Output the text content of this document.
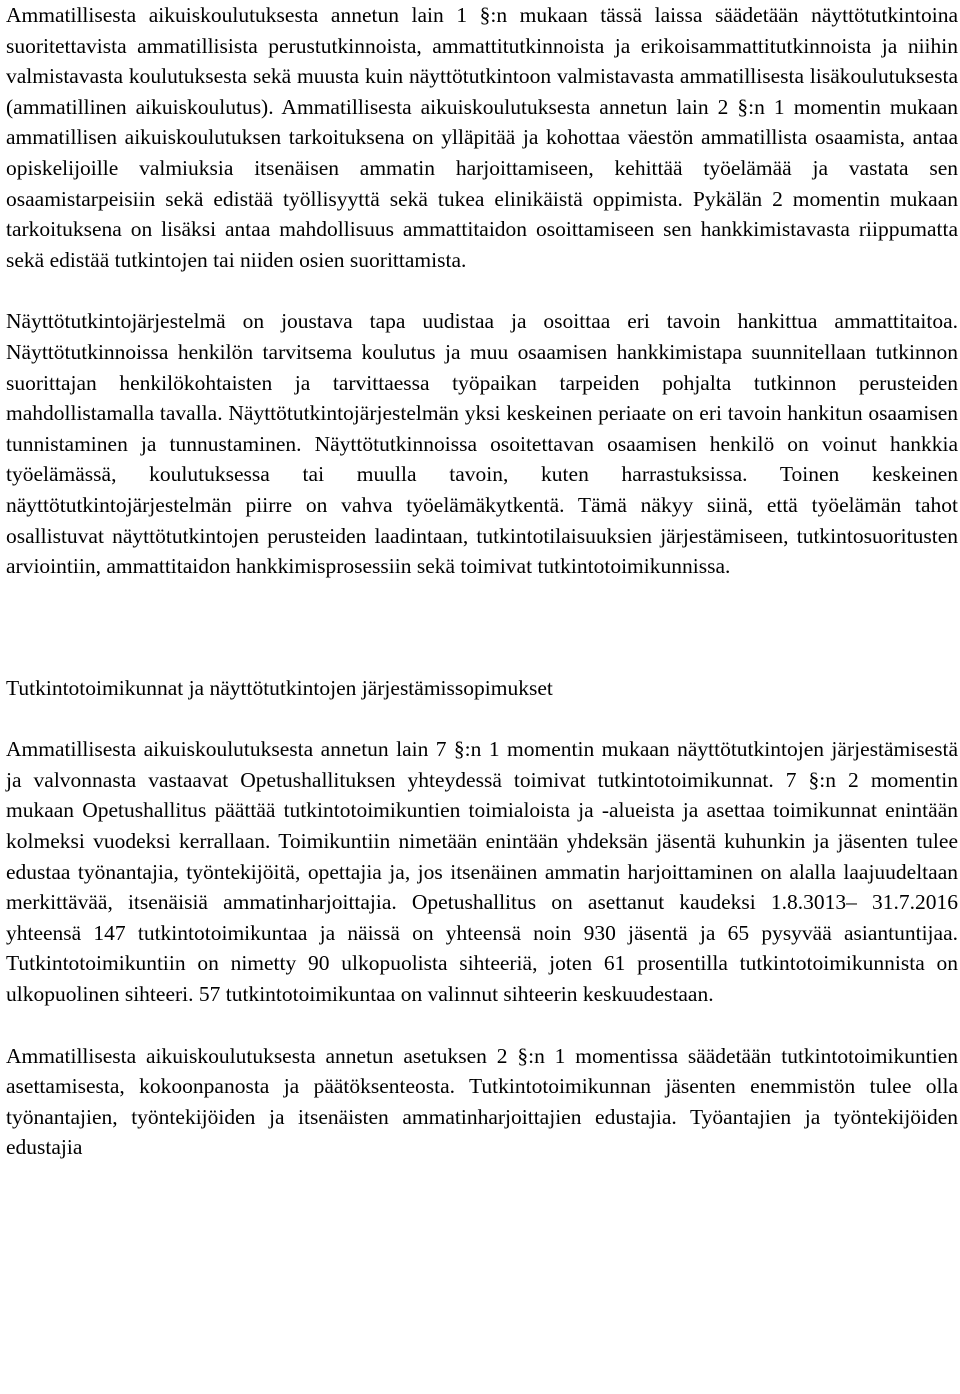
Ammatillisesta aikuiskoulutuksesta annetun lain 1 §:n mukaan tässä laissa säädetään näyttötutkintoina suoritettavista ammatillisista perustutkinnoista, ammattitutkinnoista ja erikoisammattitutkinnoista ja niihin valmistavasta koulutuksesta sekä muusta kuin näyttötutkintoon valmistavasta ammatillisesta lisäkoulutuksesta (ammatillinen aikuiskoulutus). Ammatillisesta aikuiskoulutuksesta annetun lain 2 §:n 1 momentin mukaan ammatillisen aikuiskoulutuksen tarkoituksena on ylläpitää ja kohottaa väestön ammatillista osaamista, antaa opiskelijoille valmiuksia itsenäisen ammatin harjoittamiseen, kehittää työelämää ja vastata sen osaamistarpeisiin sekä edistää työllisyyttä sekä tukea elinikäistä oppimista. Pykälän 2 momentin mukaan tarkoituksena on lisäksi antaa mahdollisuus ammattitaidon osoittamiseen sen hankkimistavasta riippumatta sekä edistää tutkintojen tai niiden osien suorittamista.

Näyttötutkintojärjestelmä on joustava tapa uudistaa ja osoittaa eri tavoin hankittua ammattitaitoa. Näyttötutkinnoissa henkilön tarvitsema koulutus ja muu osaamisen hankkimistapa suunnitellaan tutkinnon suorittajan henkilökohtaisten ja tarvittaessa työpaikan tarpeiden pohjalta tutkinnon perusteiden mahdollistamalla tavalla. Näyttötutkintojärjestelmän yksi keskeinen periaate on eri tavoin hankitun osaamisen tunnistaminen ja tunnustaminen. Näyttötutkinnoissa osoitettavan osaamisen henkilö on voinut hankkia työelämässä, koulutuksessa tai muulla tavoin, kuten harrastuksissa. Toinen keskeinen näyttötutkintojärjestelmän piirre on vahva työelämäkytkentä. Tämä näkyy siinä, että työelämän tahot osallistuvat näyttötutkintojen perusteiden laadintaan, tutkintotilaisuuksien järjestämiseen, tutkintosuoritusten arviointiin, ammattitaidon hankkimisprosessiin sekä toimivat tutkintotoimikunnissa.

Tutkintotoimikunnat ja näyttötutkintojen järjestämissopimukset

Ammatillisesta aikuiskoulutuksesta annetun lain 7 §:n 1 momentin mukaan näyttötutkintojen järjestämisestä ja valvonnasta vastaavat Opetushallituksen yhteydessä toimivat tutkintotoimikunnat. 7 §:n 2 momentin mukaan Opetushallitus päättää tutkintotoimikuntien toimialoista ja -alueista ja asettaa toimikunnat enintään kolmeksi vuodeksi kerrallaan. Toimikuntiin nimetään enintään yhdeksän jäsentä kuhunkin ja jäsenten tulee edustaa työnantajia, työntekijöitä, opettajia ja, jos itsenäinen ammatin harjoittaminen on alalla laajuudeltaan merkittävää, itsenäisiä ammatinharjoittajia. Opetushallitus on asettanut kaudeksi 1.8.3013– 31.7.2016 yhteensä 147 tutkintotoimikuntaa ja näissä on yhteensä noin 930 jäsentä ja 65 pysyvää asiantuntijaa. Tutkintotoimikuntiin on nimetty 90 ulkopuolista sihteeriä, joten 61 prosentilla tutkintotoimikunnista on ulkopuolinen sihteeri. 57 tutkintotoimikuntaa on valinnut sihteerin keskuudestaan.

Ammatillisesta aikuiskoulutuksesta annetun asetuksen 2 §:n 1 momentissa säädetään tutkintotoimikuntien asettamisesta, kokoonpanosta ja päätöksenteosta. Tutkintotoimikunnan jäsenten enemmistön tulee olla työnantajien, työntekijöiden ja itsenäisten ammatinharjoittajien edustajia. Työantajien ja työntekijöiden edustajia
